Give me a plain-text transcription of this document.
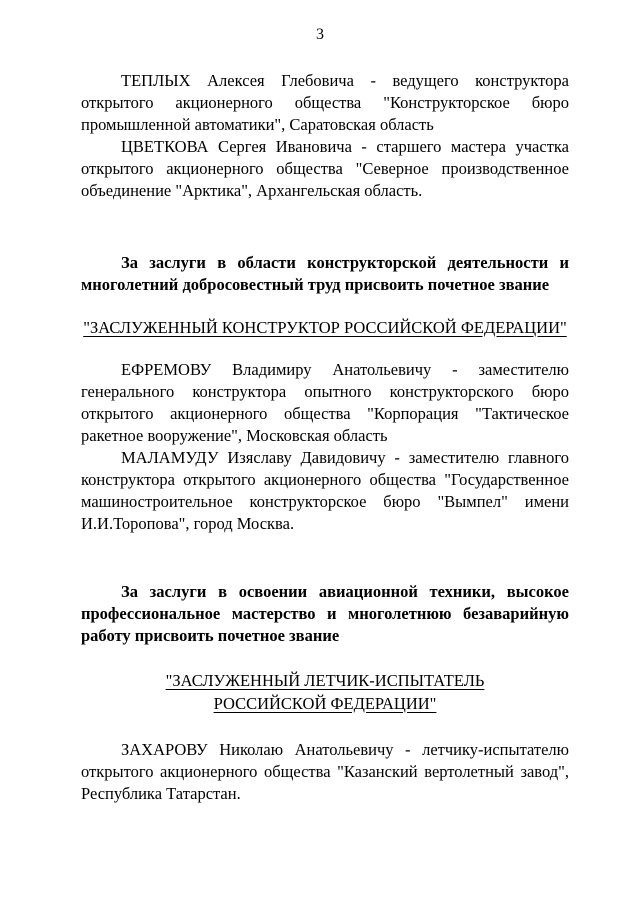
3

ТЕПЛЫХ Алексея Глебовича - ведущего конструктора открытого акционерного общества "Конструкторское бюро промышленной автоматики", Саратовская область

ЦВЕТКОВА Сергея Ивановича - старшего мастера участка открытого акционерного общества "Северное производственное объединение "Арктика", Архангельская область.

За заслуги в области конструкторской деятельности и многолетний добросовестный труд присвоить почетное звание

"ЗАСЛУЖЕННЫЙ КОНСТРУКТОР РОССИЙСКОЙ ФЕДЕРАЦИИ"

ЕФРЕМОВУ Владимиру Анатольевичу - заместителю генерального конструктора опытного конструкторского бюро открытого акционерного общества "Корпорация "Тактическое ракетное вооружение", Московская область

МАЛАМУДУ Изяславу Давидовичу - заместителю главного конструктора открытого акционерного общества "Государственное машиностроительное конструкторское бюро "Вымпел" имени И.И.Торопова", город Москва.

За заслуги в освоении авиационной техники, высокое профессиональное мастерство и многолетнюю безаварийную работу присвоить почетное звание

"ЗАСЛУЖЕННЫЙ ЛЕТЧИК-ИСПЫТАТЕЛЬ
РОССИЙСКОЙ ФЕДЕРАЦИИ"

ЗАХАРОВУ Николаю Анатольевичу - летчику-испытателю открытого акционерного общества "Казанский вертолетный завод", Республика Татарстан.
